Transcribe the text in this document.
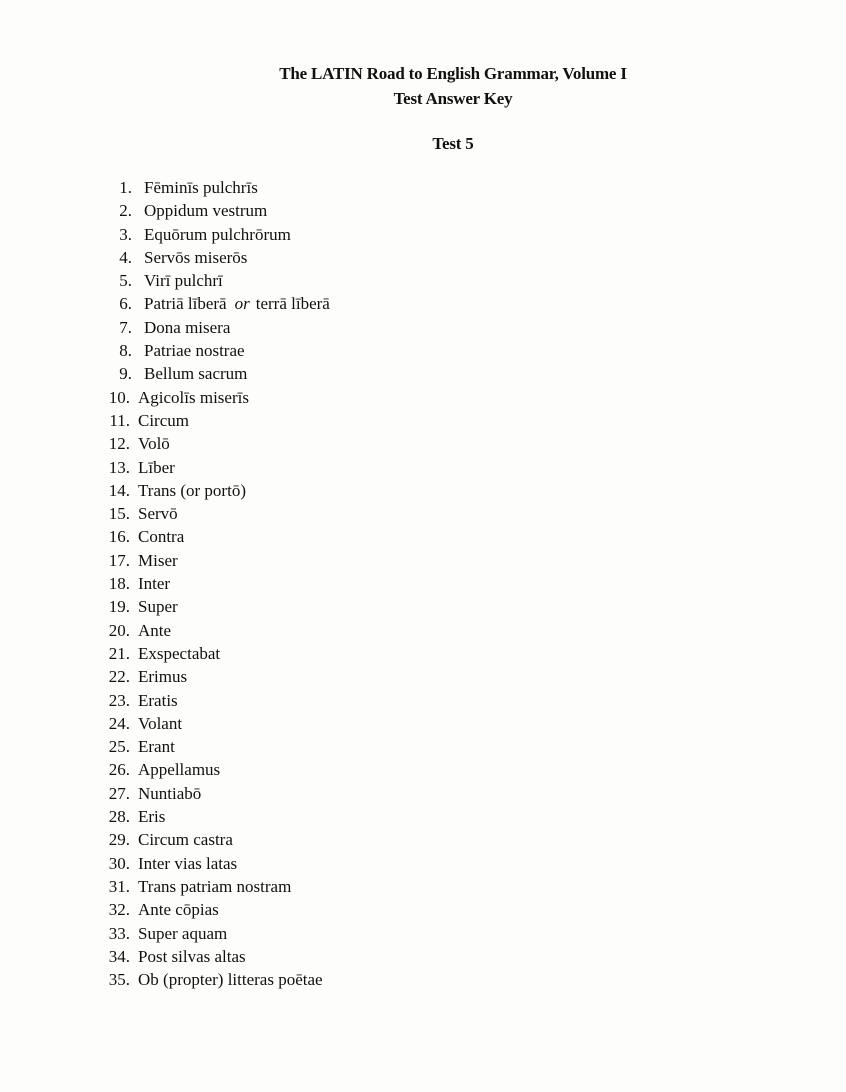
The LATIN Road to English Grammar, Volume I
Test Answer Key
Test 5
1. Fēminīs pulchrīs
2. Oppidum vestrum
3. Equōrum pulchrōrum
4. Servōs miserōs
5. Virī pulchrī
6. Patriā līberā or terrā līberā
7. Dona misera
8. Patriae nostrae
9. Bellum sacrum
10. Agicolīs miserīs
11. Circum
12. Volō
13. Līber
14. Trans (or portō)
15. Servō
16. Contra
17. Miser
18. Inter
19. Super
20. Ante
21. Exspectabat
22. Erimus
23. Eratis
24. Volant
25. Erant
26. Appellamus
27. Nuntiabō
28. Eris
29. Circum castra
30. Inter vias latas
31. Trans patriam nostram
32. Ante cōpias
33. Super aquam
34. Post silvas altas
35. Ob (propter) litteras poētae
